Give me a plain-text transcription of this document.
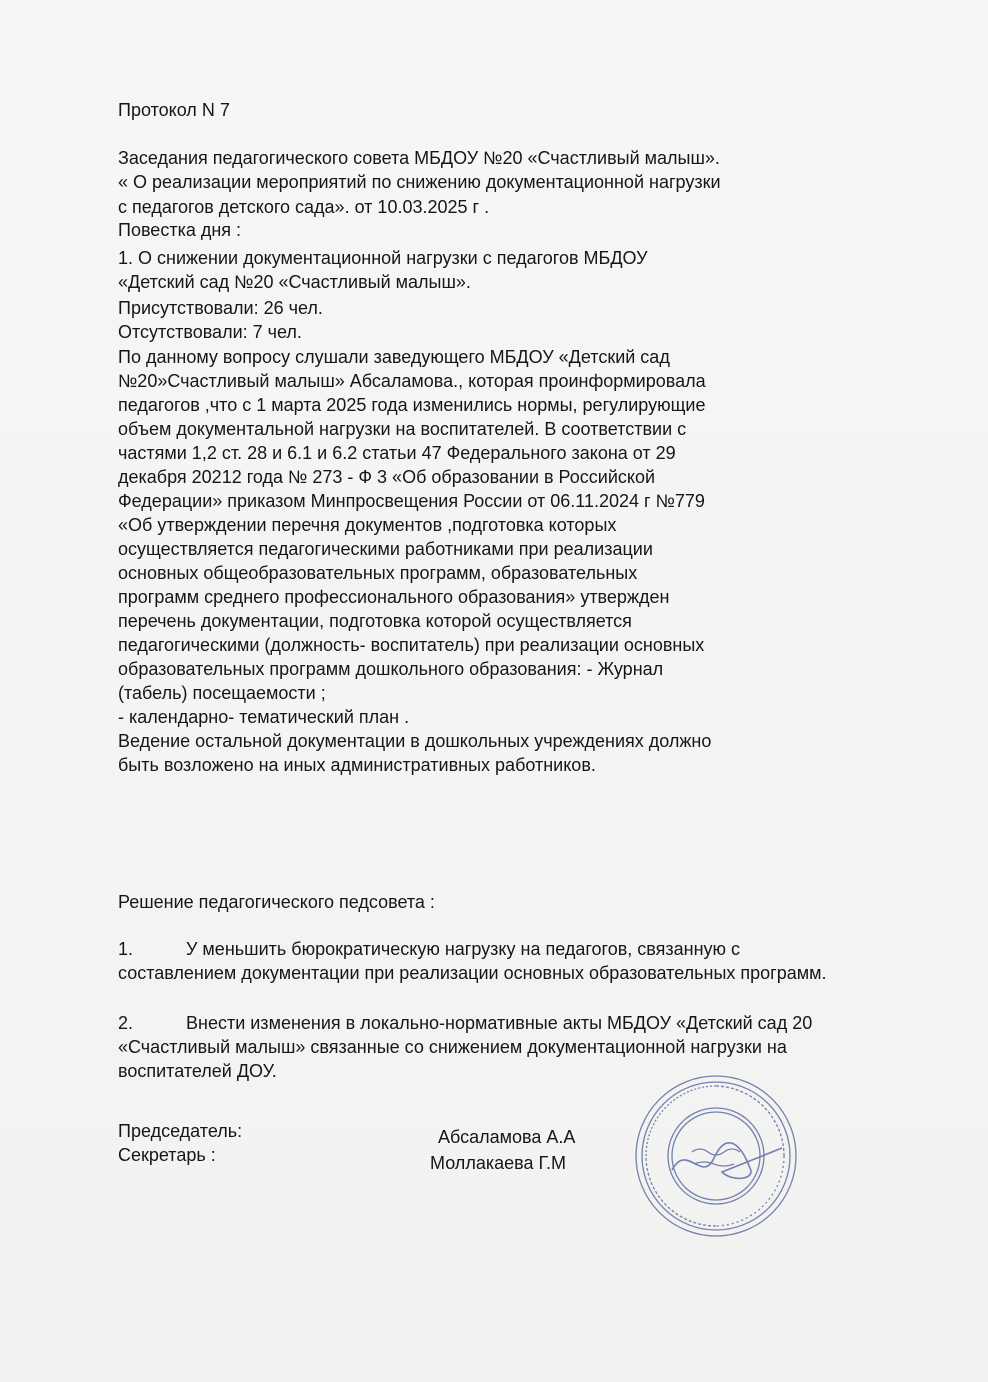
Протокол N 7

Заседания педагогического совета МБДОУ №20 «Счастливый малыш».

« О реализации мероприятий по снижению документационной нагрузки

с педагогов детского сада». от 10.03.2025 г .

Повестка дня :

1. О снижении документационной нагрузки с педагогов МБДОУ

«Детский сад №20 «Счастливый малыш».

Присутствовали: 26 чел.

Отсутствовали: 7 чел.

По данному вопросу слушали заведующего МБДОУ «Детский сад

№20»Счастливый малыш» Абсаламова., которая проинформировала

педагогов ,что с 1 марта 2025 года изменились нормы, регулирующие

объем документальной нагрузки на воспитателей. В соответствии с

частями 1,2 ст. 28 и 6.1 и 6.2 статьи 47 Федерального закона от 29

декабря 20212 года № 273 - Ф 3 «Об образовании в Российской

Федерации» приказом Минпросвещения России от 06.11.2024 г №779

«Об утверждении перечня документов ,подготовка которых

осуществляется педагогическими работниками при реализации

основных общеобразовательных программ, образовательных

программ среднего профессионального образования» утвержден

перечень документации, подготовка которой осуществляется

педагогическими (должность- воспитатель) при реализации основных

образовательных программ дошкольного образования: - Журнал

(табель) посещаемости ;

- календарно- тематический план .

Ведение остальной документации в дошкольных учреждениях должно

быть возложено на иных административных работников.

Решение педагогического педсовета :

1.	У меньшить бюрократическую нагрузку на педагогов, связанную с

составлением документации при реализации основных образовательных программ.

2.	Внести изменения в локально-нормативные акты МБДОУ «Детский сад 20

«Счастливый малыш» связанные со снижением документационной нагрузки на

воспитателей ДОУ.

Председатель:	Абсаламова А.А
Секретарь :	Моллакаева Г.М
